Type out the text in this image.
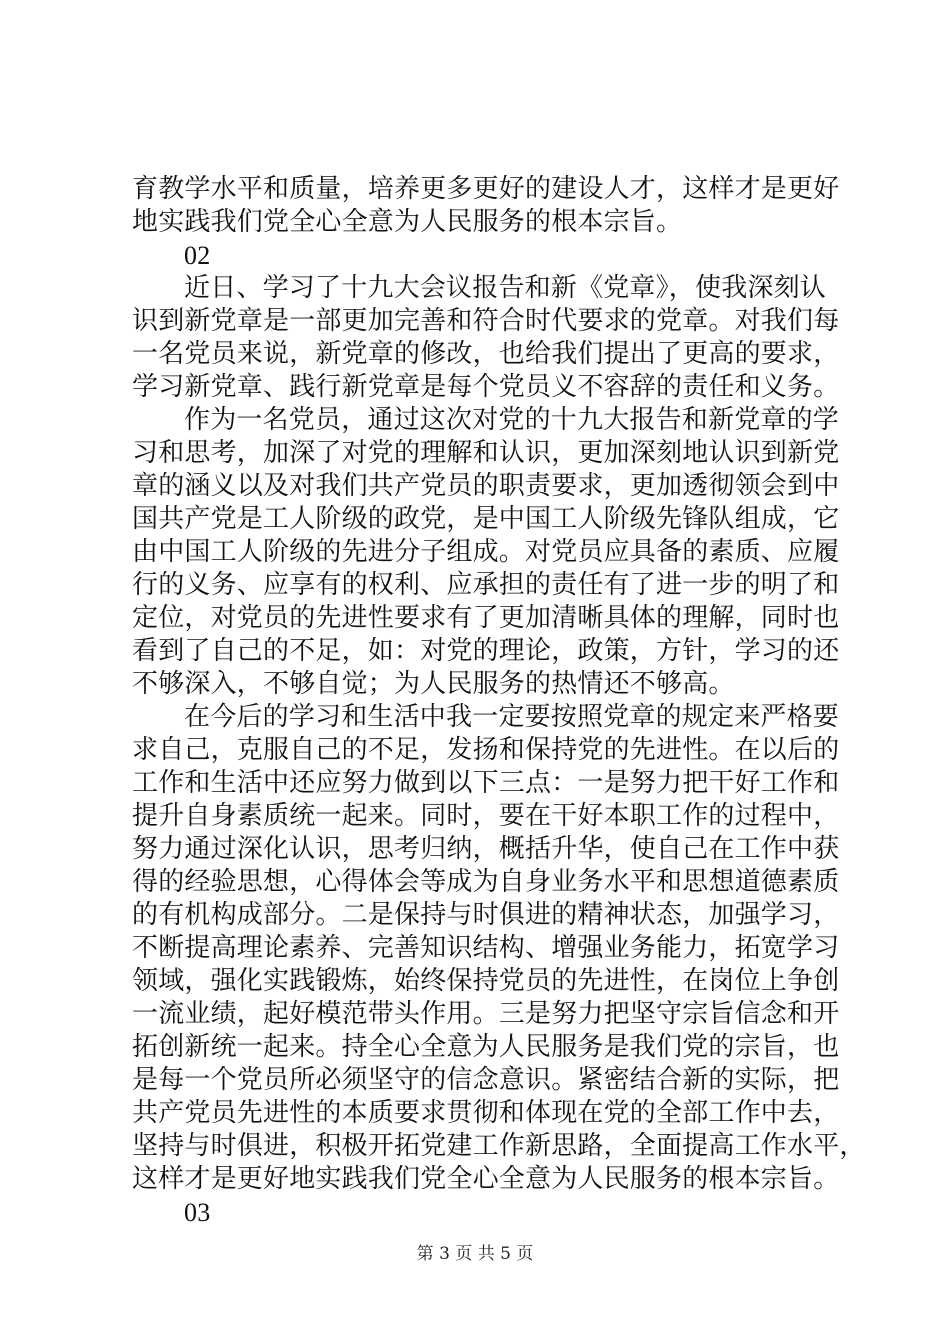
育教学水平和质量，培养更多更好的建设人才，这样才是更好
地实践我们党全心全意为人民服务的根本宗旨。
02
近日、学习了十九大会议报告和新《党章》，使我深刻认
识到新党章是一部更加完善和符合时代要求的党章。对我们每
一名党员来说，新党章的修改，也给我们提出了更高的要求，
学习新党章、践行新党章是每个党员义不容辞的责任和义务。
作为一名党员，通过这次对党的十九大报告和新党章的学
习和思考，加深了对党的理解和认识，更加深刻地认识到新党
章的涵义以及对我们共产党员的职责要求，更加透彻领会到中
国共产党是工人阶级的政党，是中国工人阶级先锋队组成，它
由中国工人阶级的先进分子组成。对党员应具备的素质、应履
行的义务、应享有的权利、应承担的责任有了进一步的明了和
定位，对党员的先进性要求有了更加清晰具体的理解，同时也
看到了自己的不足，如：对党的理论，政策，方针，学习的还
不够深入，不够自觉；为人民服务的热情还不够高。
在今后的学习和生活中我一定要按照党章的规定来严格要
求自己，克服自己的不足，发扬和保持党的先进性。在以后的
工作和生活中还应努力做到以下三点：一是努力把干好工作和
提升自身素质统一起来。同时，要在干好本职工作的过程中，
努力通过深化认识，思考归纳，概括升华，使自己在工作中获
得的经验思想，心得体会等成为自身业务水平和思想道德素质
的有机构成部分。二是保持与时俱进的精神状态，加强学习，
不断提高理论素养、完善知识结构、增强业务能力，拓宽学习
领域，强化实践锻炼，始终保持党员的先进性，在岗位上争创
一流业绩，起好模范带头作用。三是努力把坚守宗旨信念和开
拓创新统一起来。持全心全意为人民服务是我们党的宗旨，也
是每一个党员所必须坚守的信念意识。紧密结合新的实际，把
共产党员先进性的本质要求贯彻和体现在党的全部工作中去，
坚持与时俱进，积极开拓党建工作新思路，全面提高工作水平，
这样才是更好地实践我们党全心全意为人民服务的根本宗旨。
03
第 3 页 共 5 页
